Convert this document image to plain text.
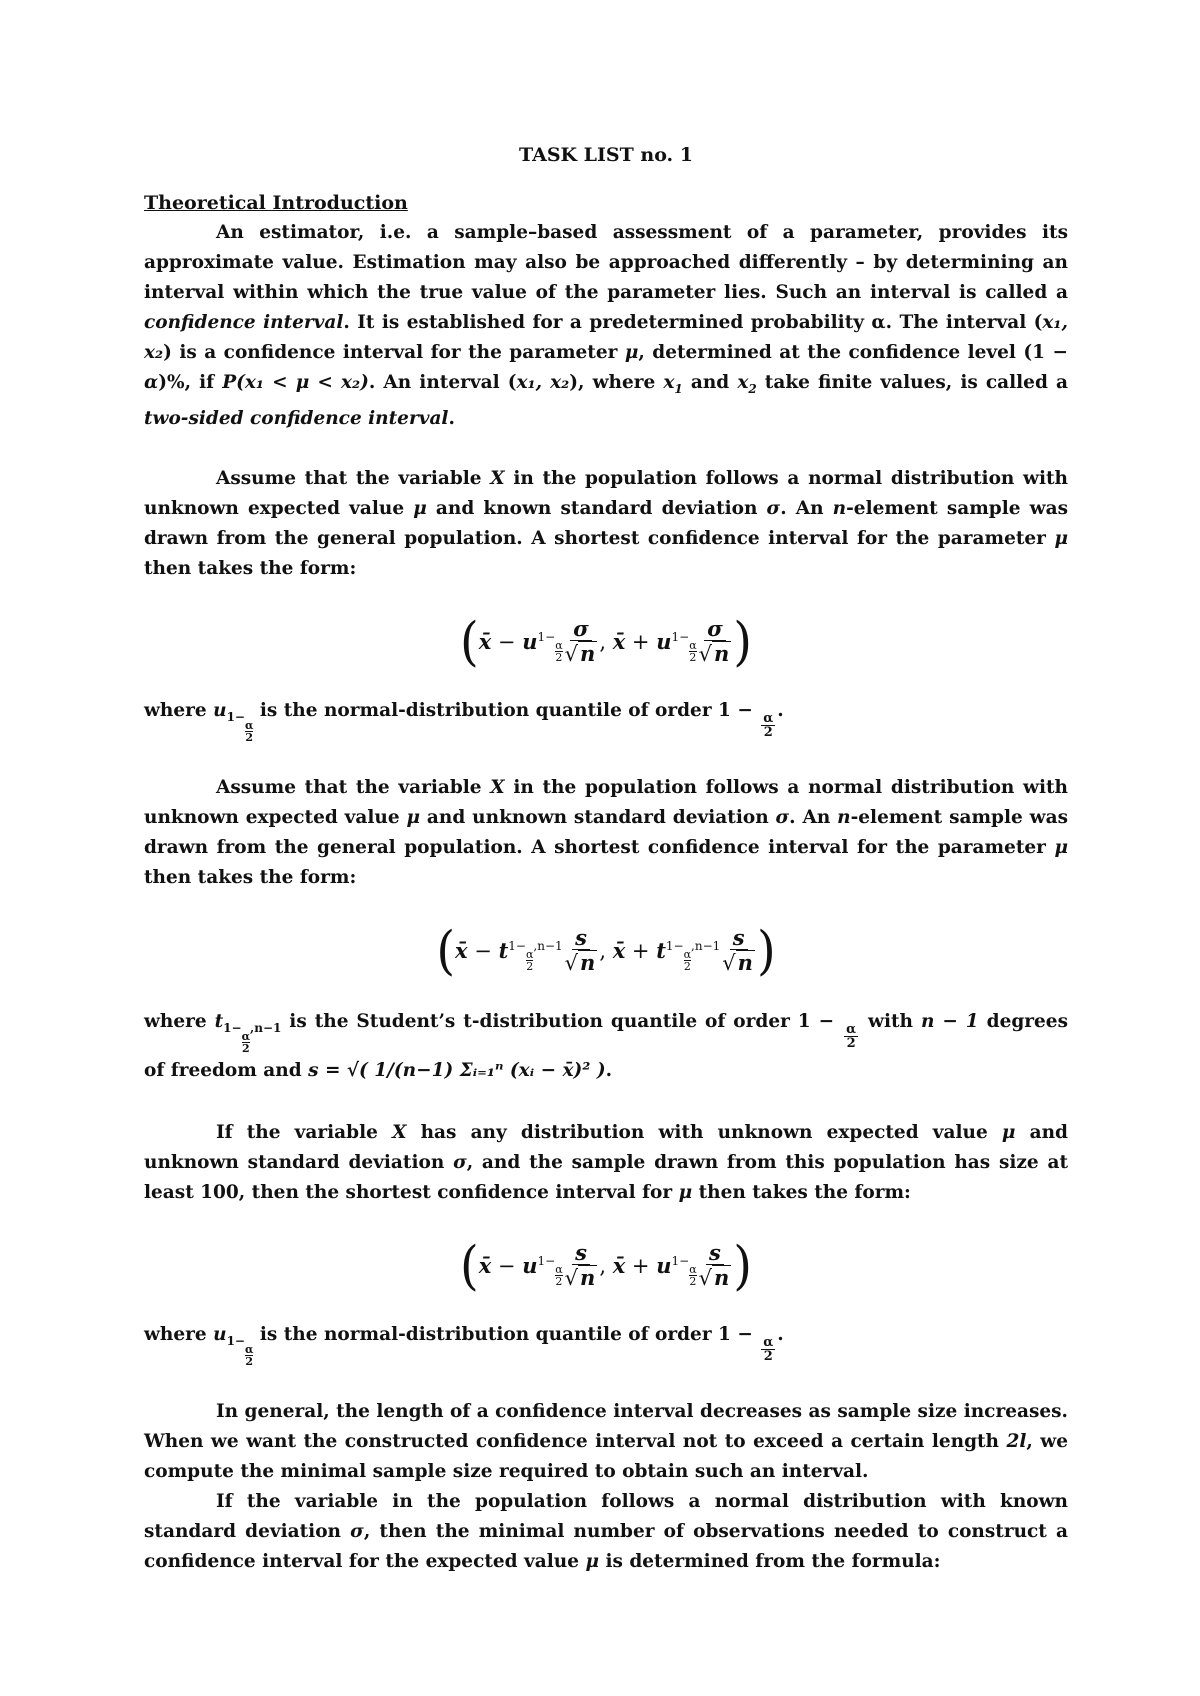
TASK LIST no. 1
Theoretical Introduction

An estimator, i.e. a sample–based assessment of a parameter, provides its approximate value. Estimation may also be approached differently – by determining an interval within which the true value of the parameter lies. Such an interval is called a confidence interval. It is established for a predetermined probability α. The interval (x₁, x₂) is a confidence interval for the parameter μ, determined at the confidence level (1 − α)%, if P(x₁ < μ < x₂). An interval (x₁, x₂), where $x_1$ and $x_2$ take finite values, is called a two-sided confidence interval.

Assume that the variable X in the population follows a normal distribution with unknown expected value μ and known standard deviation σ. An n-element sample was drawn from the general population. A shortest confidence interval for the parameter μ then takes the form:

( x̄
−
u 1−
$\frac{\alpha}{2} \frac{\sigma}{√n}$ ,
x̄
+
u 1−
$\frac{\alpha}{2} \frac{\sigma}{√n}$ )

where $u_{1- \frac{\alpha}{2}}$
is the normal-distribution quantile of order 1 −
$\frac{\alpha}{2}$
.

Assume that the variable X in the population follows a normal distribution with unknown expected value μ and unknown standard deviation σ. An n-element sample was drawn from the general population. A shortest confidence interval for the parameter μ then takes the form:

( x̄
−
t 1−
$\frac{\alpha}{2}$
$,n-1 \frac{s}{√n}$ ,
x̄
+
t 1−
$\frac{\alpha}{2}$
$,n-1 \frac{s}{√n}$ )

where $t_{1- \frac{\alpha}{2} ,n-1}$ is the Student’s t-distribution quantile of order 1 −
$\frac{\alpha}{2}$
with n − 1 degrees of freedom and s = √( 1/(n−1) Σᵢ₌₁ⁿ (xᵢ − x̄)² ).

If the variable X has any distribution with unknown expected value μ and unknown standard deviation σ, and the sample drawn from this population has size at least 100, then the shortest confidence interval for μ then takes the form:

( x̄
−
u 1−
$\frac{\alpha}{2} \frac{s}{√n}$ ,
x̄
+
u 1−
$\frac{\alpha}{2} \frac{s}{√n}$ )

where $u_{1- \frac{\alpha}{2}}$
is the normal-distribution quantile of order 1 −
$\frac{\alpha}{2}$
.

In general, the length of a confidence interval decreases as sample size increases. When we want the constructed confidence interval not to exceed a certain length 2l, we compute the minimal sample size required to obtain such an interval.

If the variable in the population follows a normal distribution with known standard deviation σ, then the minimal number of observations needed to construct a confidence interval for the expected value μ is determined from the formula:
